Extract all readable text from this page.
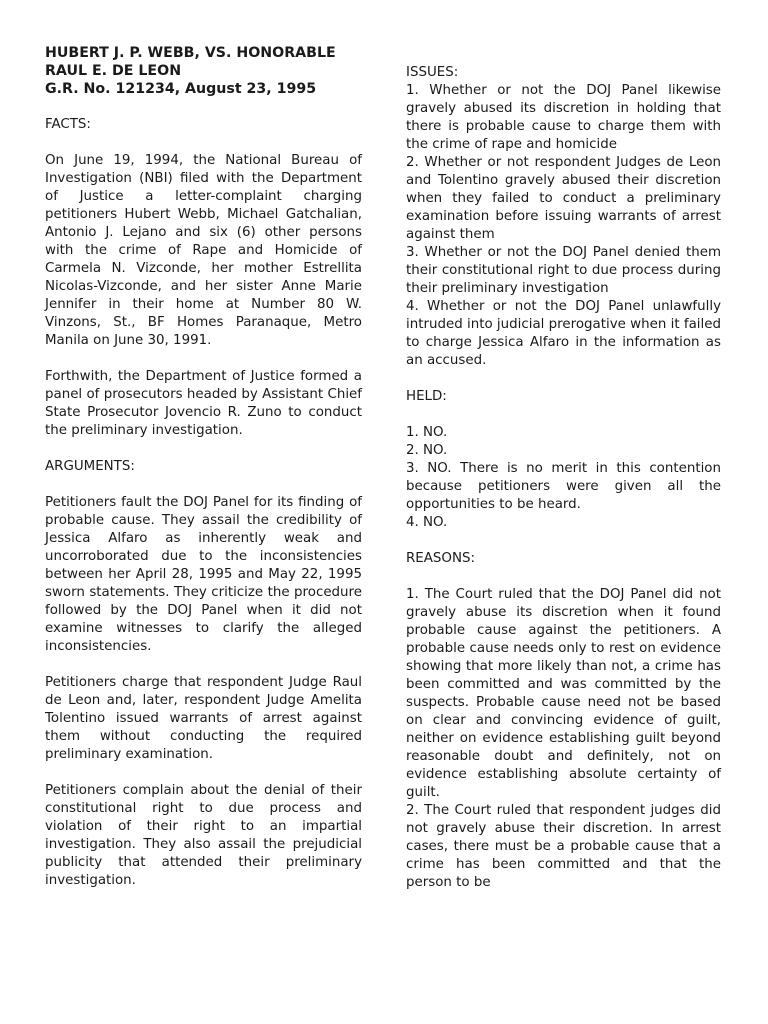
HUBERT J. P. WEBB, VS. HONORABLE
RAUL E. DE LEON
G.R. No. 121234, August 23, 1995

FACTS:

On June 19, 1994, the National Bureau of Investigation (NBI) filed with the Department of Justice a letter-complaint charging petitioners Hubert Webb, Michael Gatchalian, Antonio J. Lejano and six (6) other persons with the crime of Rape and Homicide of Carmela N. Vizconde, her mother Estrellita Nicolas-Vizconde, and her sister Anne Marie Jennifer in their home at Number 80 W. Vinzons, St., BF Homes Paranaque, Metro Manila on June 30, 1991.

Forthwith, the Department of Justice formed a panel of prosecutors headed by Assistant Chief State Prosecutor Jovencio R. Zuno to conduct the preliminary investigation.

ARGUMENTS:

Petitioners fault the DOJ Panel for its finding of probable cause. They assail the credibility of Jessica Alfaro as inherently weak and uncorroborated due to the inconsistencies between her April 28, 1995 and May 22, 1995 sworn statements. They criticize the procedure followed by the DOJ Panel when it did not examine witnesses to clarify the alleged inconsistencies.

Petitioners charge that respondent Judge Raul de Leon and, later, respondent Judge Amelita Tolentino issued warrants of arrest against them without conducting the required preliminary examination.

Petitioners complain about the denial of their constitutional right to due process and violation of their right to an impartial investigation. They also assail the prejudicial publicity that attended their preliminary investigation.

ISSUES:

1. Whether or not the DOJ Panel likewise gravely abused its discretion in holding that there is probable cause to charge them with the crime of rape and homicide

2. Whether or not respondent Judges de Leon and Tolentino gravely abused their discretion when they failed to conduct a preliminary examination before issuing warrants of arrest against them

3. Whether or not the DOJ Panel denied them their constitutional right to due process during their preliminary investigation

4. Whether or not the DOJ Panel unlawfully intruded into judicial prerogative when it failed to charge Jessica Alfaro in the information as an accused.

HELD:

1. NO.

2. NO.

3. NO. There is no merit in this contention because petitioners were given all the opportunities to be heard.

4. NO.

REASONS:

1. The Court ruled that the DOJ Panel did not gravely abuse its discretion when it found probable cause against the petitioners. A probable cause needs only to rest on evidence showing that more likely than not, a crime has been committed and was committed by the suspects. Probable cause need not be based on clear and convincing evidence of guilt, neither on evidence establishing guilt beyond reasonable doubt and definitely, not on evidence establishing absolute certainty of guilt.

2. The Court ruled that respondent judges did not gravely abuse their discretion. In arrest cases, there must be a probable cause that a crime has been committed and that the person to be
